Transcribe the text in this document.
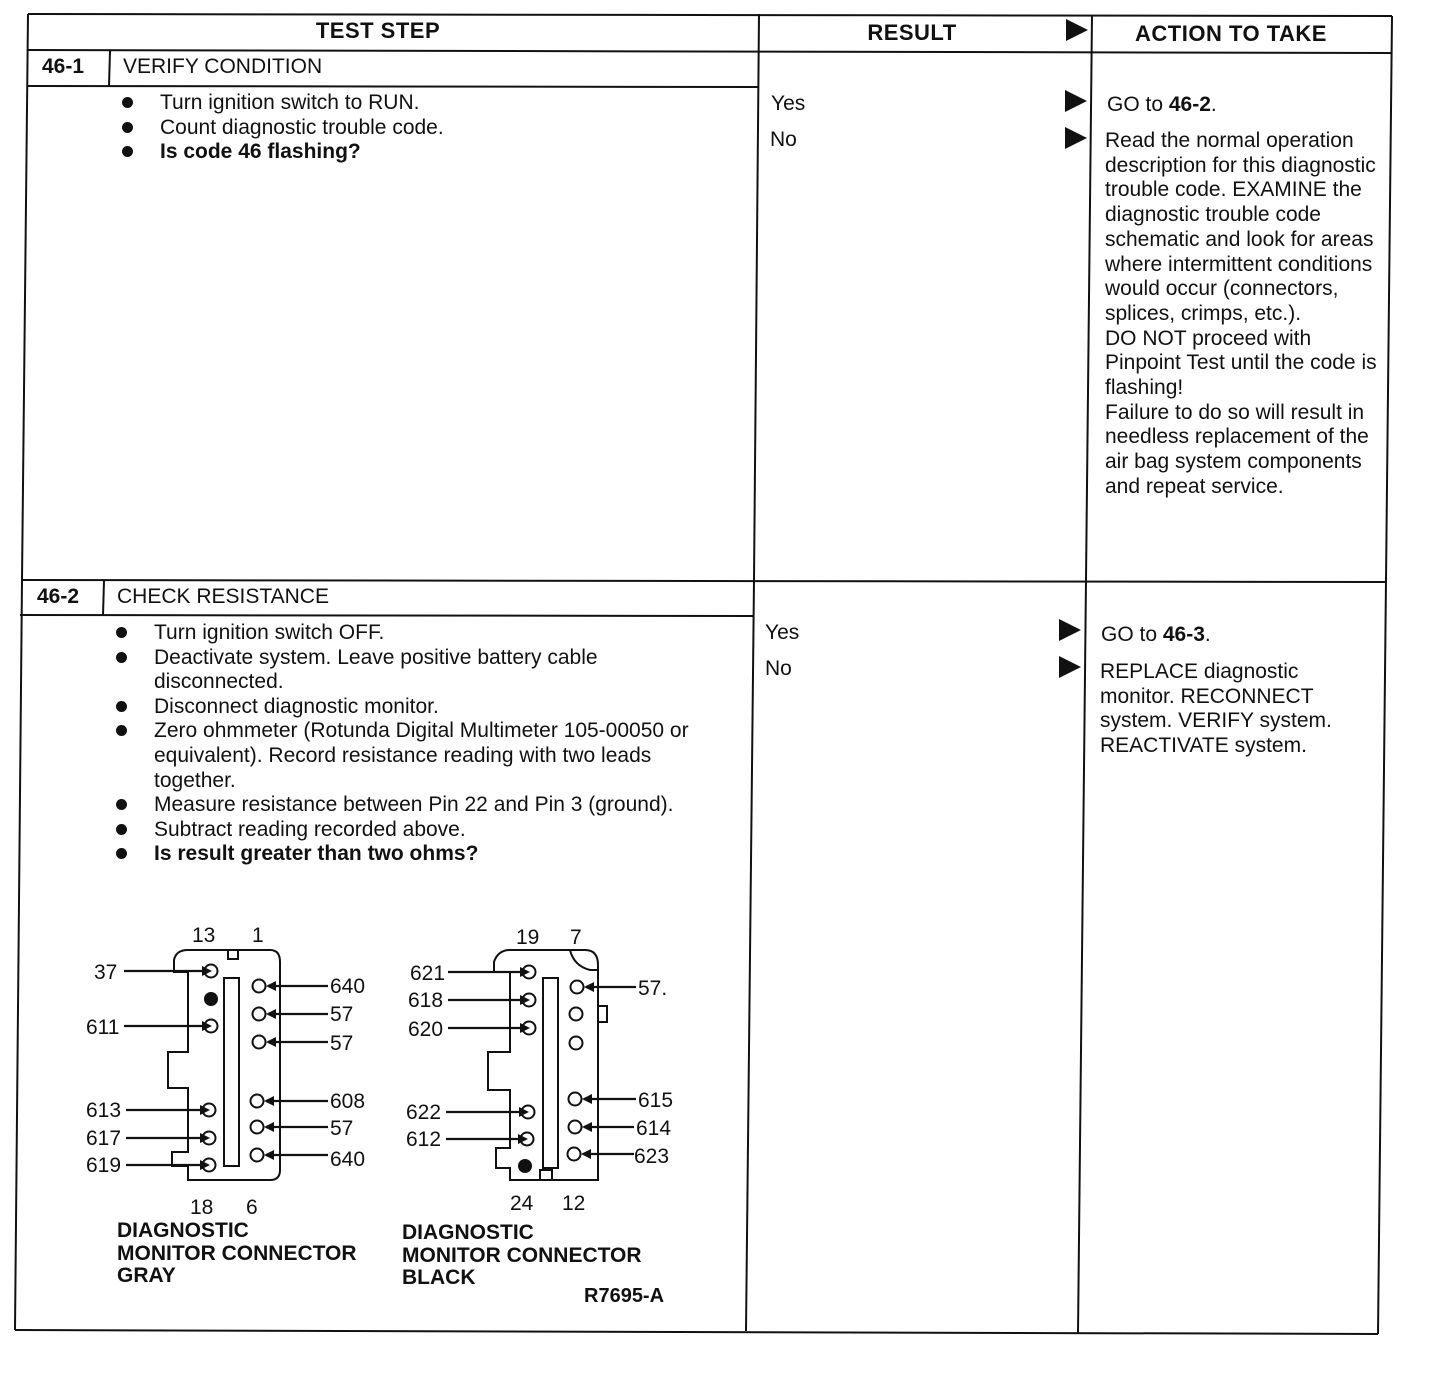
TEST STEP	RESULT	ACTION TO TAKE
46-1 VERIFY CONDITION
Turn ignition switch to RUN.
Count diagnostic trouble code.
Is code 46 flashing?
Yes
No
GO to 46-2.
Read the normal operation description for this diagnostic trouble code. EXAMINE the diagnostic trouble code schematic and look for areas where intermittent conditions would occur (connectors, splices, crimps, etc.).
DO NOT proceed with Pinpoint Test until the code is flashing!
Failure to do so will result in needless replacement of the air bag system components and repeat service.
46-2 CHECK RESISTANCE
Turn ignition switch OFF.
Deactivate system. Leave positive battery cable disconnected.
Disconnect diagnostic monitor.
Zero ohmmeter (Rotunda Digital Multimeter 105-00050 or equivalent). Record resistance reading with two leads together.
Measure resistance between Pin 22 and Pin 3 (ground).
Subtract reading recorded above.
Is result greater than two ohms?
Yes
No
GO to 46-3.
REPLACE diagnostic monitor. RECONNECT system. VERIFY system. REACTIVATE system.
13 1
18 6
37
611
613
617
619
640
57
57
608
57
640
19 7
24 12
621
618
620
622
612
57.
615
614
623
DIAGNOSTIC
MONITOR CONNECTOR
GRAY
DIAGNOSTIC
MONITOR CONNECTOR
BLACK
R7695-A
